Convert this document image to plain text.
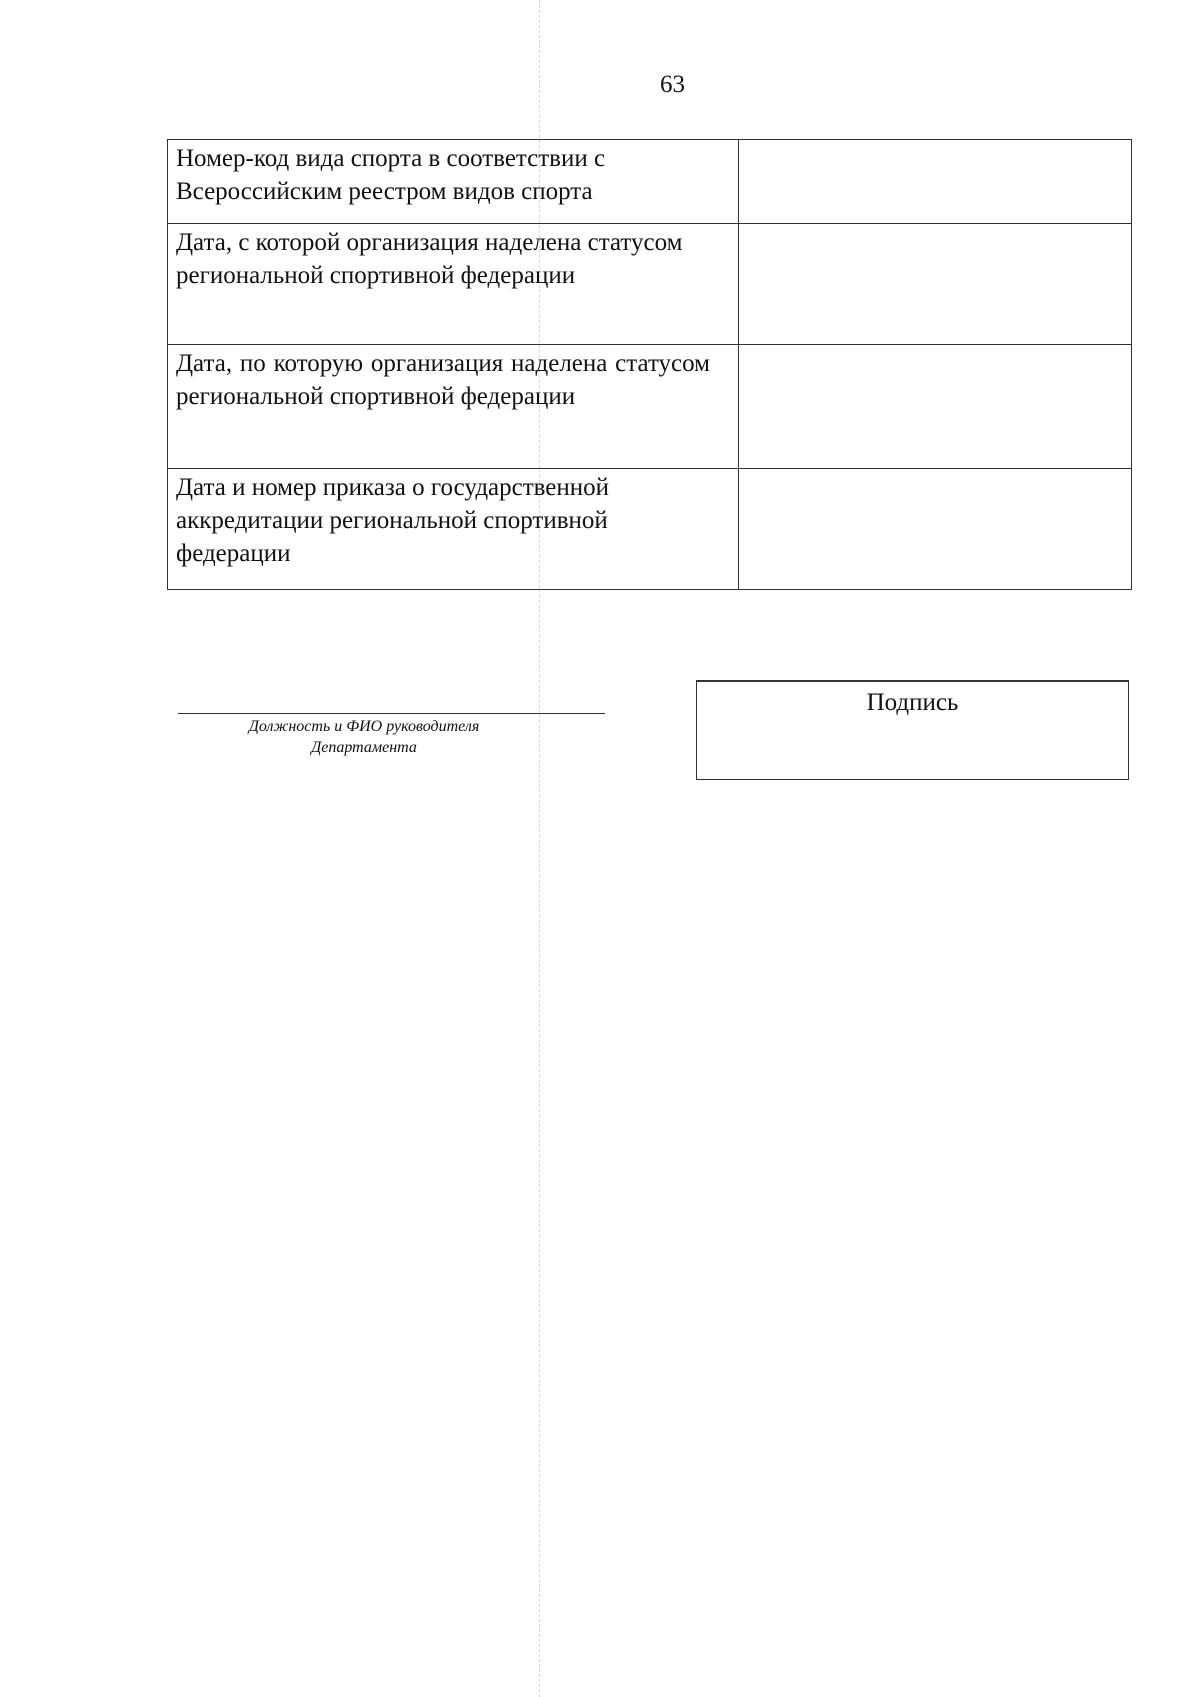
63
Номер-код вида спорта в соответствии с Всероссийским реестром видов спорта	
Дата, с которой организация наделена статусом региональной спортивной федерации	
Дата, по которую организация наделена статусом региональной спортивной федерации	
Дата и номер приказа о государственной аккредитации региональной спортивной федерации	
Должность и ФИО руководителя
Департамента
Подпись
